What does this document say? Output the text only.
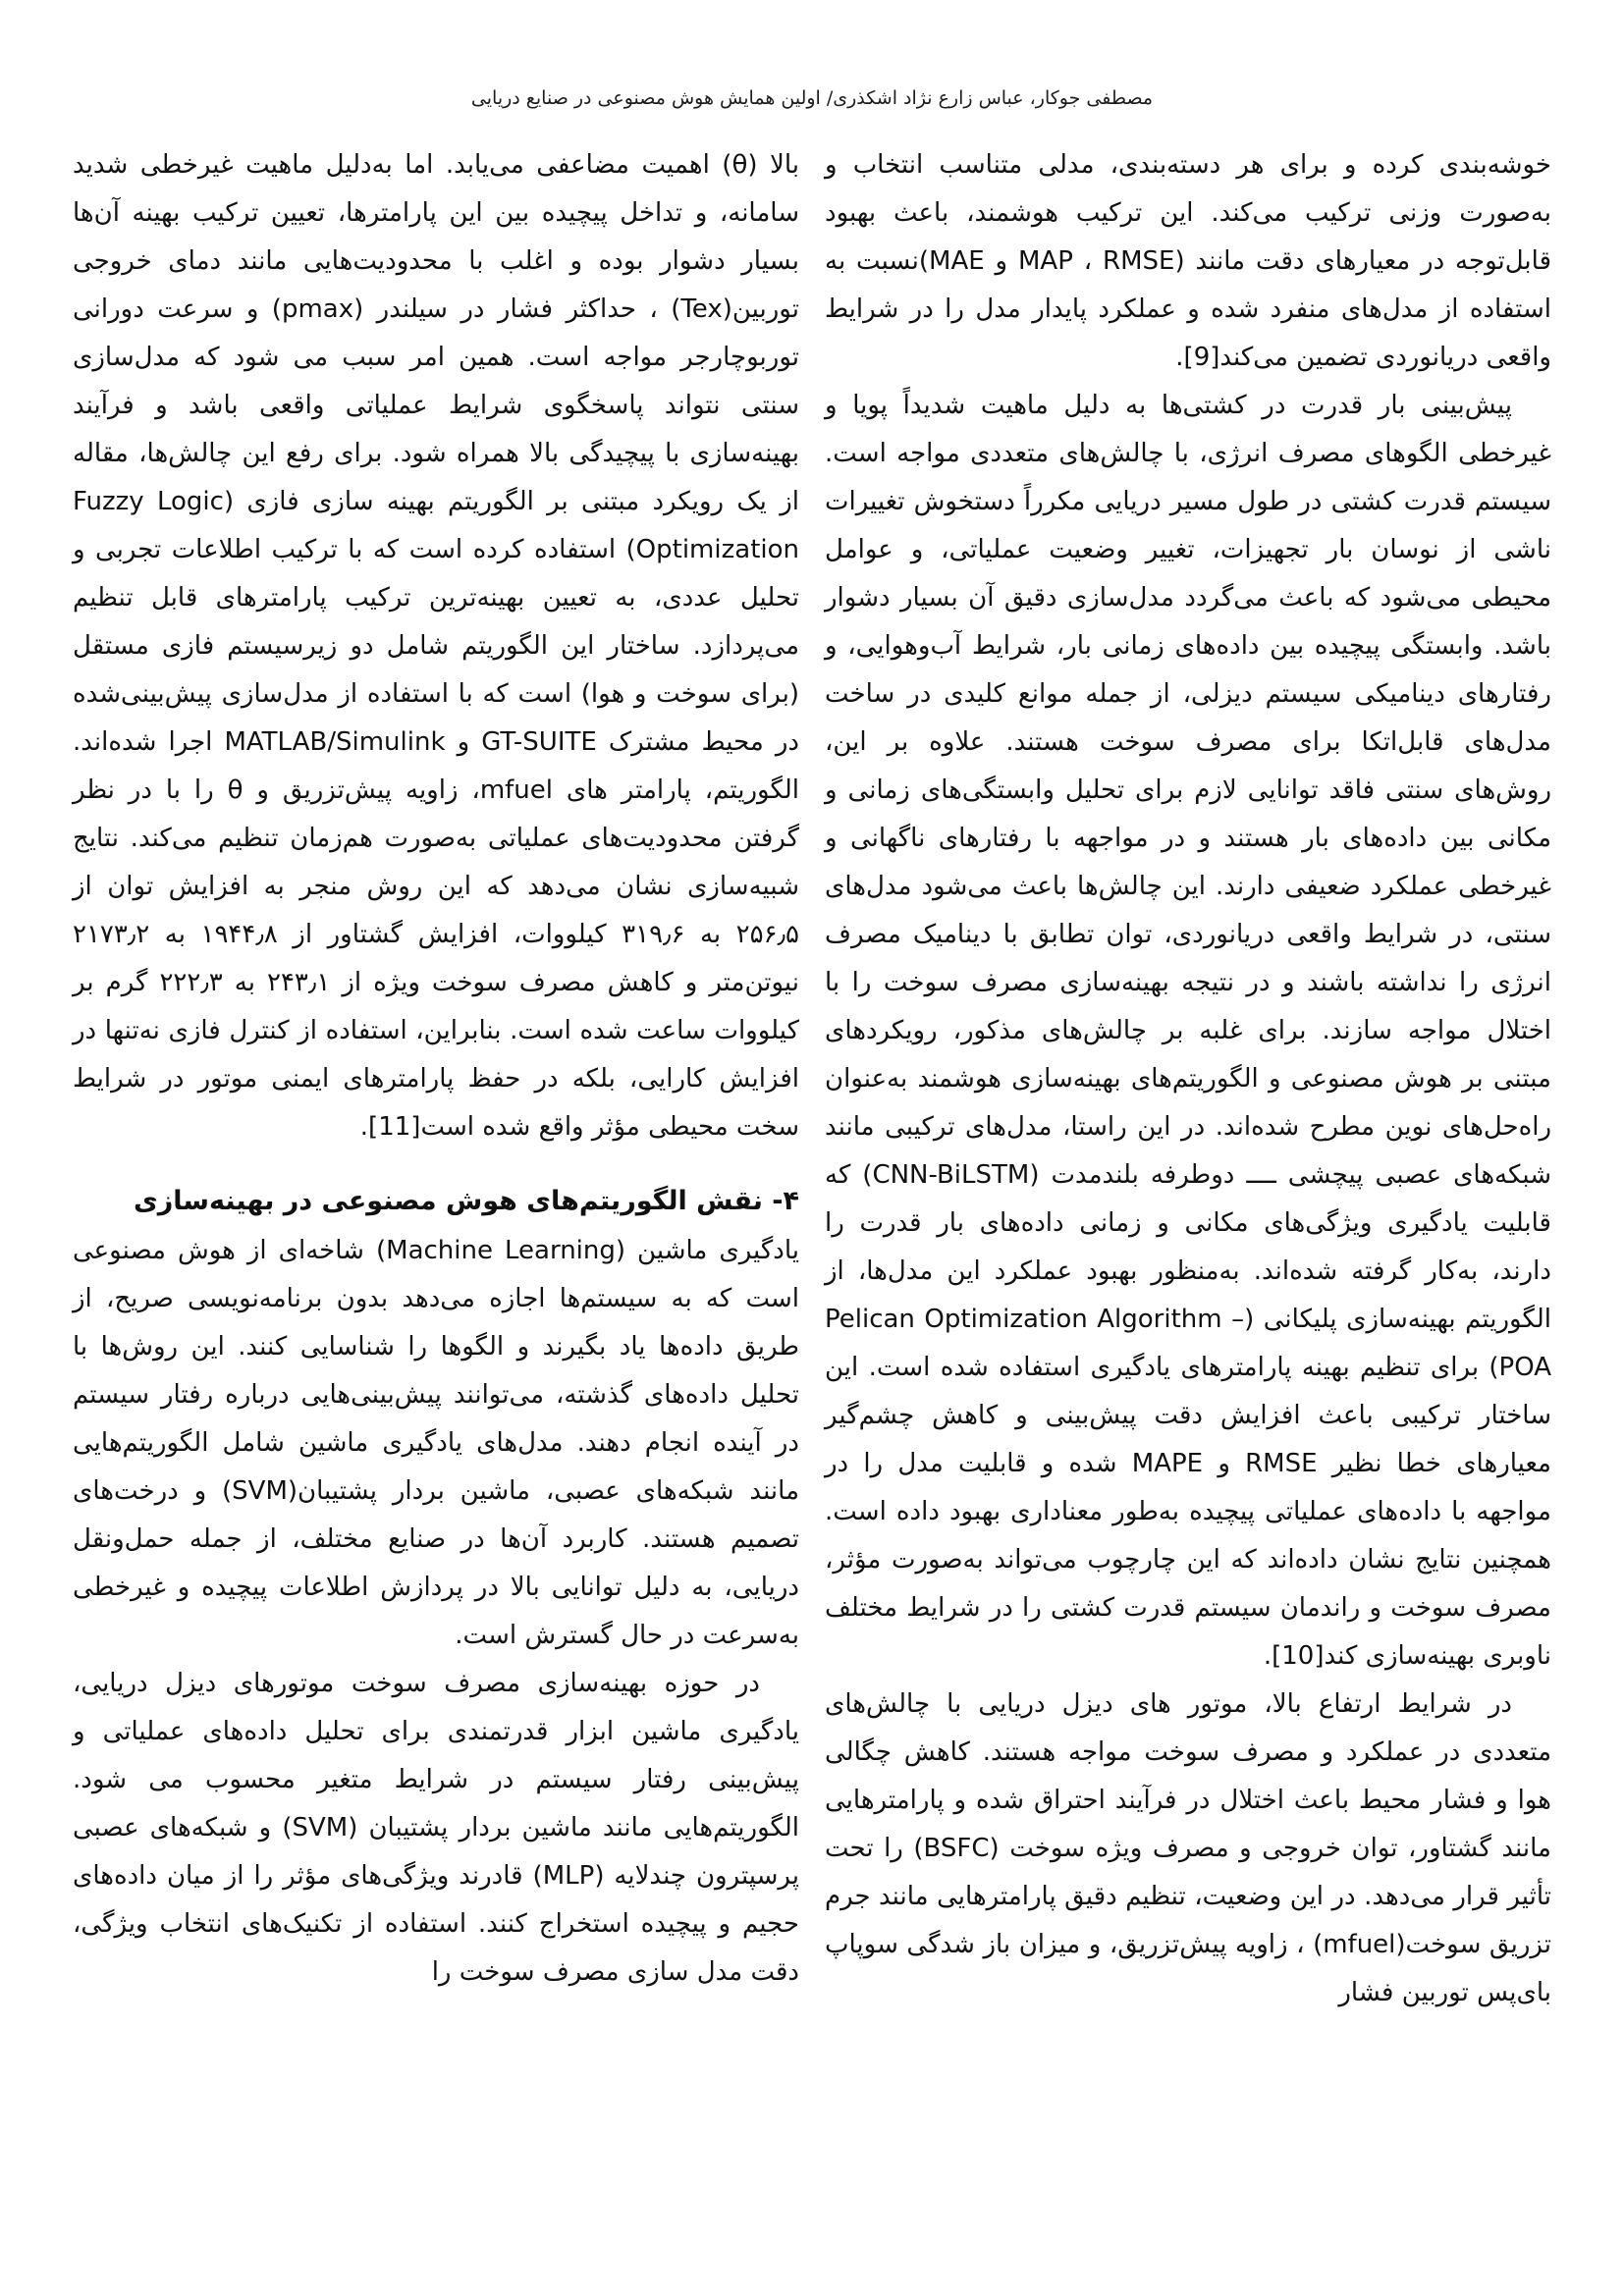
مصطفی جوکار، عباس زارع نژاد اشکذری/ اولین همایش هوش مصنوعی در صنایع دریایی

خوشه‌بندی کرده و برای هر دسته‌بندی، مدلی متناسب انتخاب و به‌صورت وزنی ترکیب می‌کند. این ترکیب هوشمند، باعث بهبود قابل‌توجه در معیارهای دقت مانند (MAP ، RMSE و MAE)نسبت به استفاده از مدل‌های منفرد شده و عملکرد پایدار مدل را در شرایط واقعی دریانوردی تضمین می‌کند[9].

پیش‌بینی بار قدرت در کشتی‌ها به دلیل ماهیت شدیداً پویا و غیرخطی الگوهای مصرف انرژی، با چالش‌های متعددی مواجه است. سیستم قدرت کشتی در طول مسیر دریایی مکرراً دستخوش تغییرات ناشی از نوسان بار تجهیزات، تغییر وضعیت عملیاتی، و عوامل محیطی می‌شود که باعث می‌گردد مدل‌سازی دقیق آن بسیار دشوار باشد. وابستگی پیچیده بین داده‌های زمانی بار، شرایط آب‌وهوایی، و رفتارهای دینامیکی سیستم دیزلی، از جمله موانع کلیدی در ساخت مدل‌های قابل‌اتکا برای مصرف سوخت هستند. علاوه بر این، روش‌های سنتی فاقد توانایی لازم برای تحلیل وابستگی‌های زمانی و مکانی بین داده‌های بار هستند و در مواجهه با رفتارهای ناگهانی و غیرخطی عملکرد ضعیفی دارند. این چالش‌ها باعث می‌شود مدل‌های سنتی، در شرایط واقعی دریانوردی، توان تطابق با دینامیک مصرف انرژی را نداشته باشند و در نتیجه بهینه‌سازی مصرف سوخت را با اختلال مواجه سازند. برای غلبه بر چالش‌های مذکور، رویکردهای مبتنی بر هوش مصنوعی و الگوریتم‌های بهینه‌سازی هوشمند به‌عنوان راه‌حل‌های نوین مطرح شده‌اند. در این راستا، مدل‌های ترکیبی مانند شبکه‌های عصبی پیچشی ــــ دوطرفه بلندمدت (CNN-BiLSTM) که قابلیت یادگیری ویژگی‌های مکانی و زمانی داده‌های بار قدرت را دارند، به‌کار گرفته شده‌اند. به‌منظور بهبود عملکرد این مدل‌ها، از الگوریتم بهینه‌سازی پلیکانی (Pelican Optimization Algorithm – POA) برای تنظیم بهینه پارامترهای یادگیری استفاده شده است. این ساختار ترکیبی باعث افزایش دقت پیش‌بینی و کاهش چشم‌گیر معیارهای خطا نظیر RMSE و MAPE شده و قابلیت مدل را در مواجهه با داده‌های عملیاتی پیچیده به‌طور معناداری بهبود داده است. همچنین نتایج نشان داده‌اند که این چارچوب می‌تواند به‌صورت مؤثر، مصرف سوخت و راندمان سیستم قدرت کشتی را در شرایط مختلف ناوبری بهینه‌سازی کند[10].

در شرایط ارتفاع بالا، موتور های دیزل دریایی با چالش‌های متعددی در عملکرد و مصرف سوخت مواجه هستند. کاهش چگالی هوا و فشار محیط باعث اختلال در فرآیند احتراق شده و پارامترهایی مانند گشتاور، توان خروجی و مصرف ویژه سوخت (BSFC) را تحت تأثیر قرار می‌دهد. در این وضعیت، تنظیم دقیق پارامترهایی مانند جرم تزریق سوخت(mfuel) ، زاویه پیش‌تزریق، و میزان باز شدگی سوپاپ بای‌پس توربین فشار

بالا (θ) اهمیت مضاعفی می‌یابد. اما به‌دلیل ماهیت غیرخطی شدید سامانه، و تداخل پیچیده بین این پارامترها، تعیین ترکیب بهینه آن‌ها بسیار دشوار بوده و اغلب با محدودیت‌هایی مانند دمای خروجی توربین(Tex) ، حداکثر فشار در سیلندر (pmax) و سرعت دورانی توربوچارجر مواجه است. همین امر سبب می شود که مدل‌سازی سنتی نتواند پاسخگوی شرایط عملیاتی واقعی باشد و فرآیند بهینه‌سازی با پیچیدگی بالا همراه شود. برای رفع این چالش‌ها، مقاله از یک رویکرد مبتنی بر الگوریتم بهینه سازی فازی (Fuzzy Logic Optimization) استفاده کرده است که با ترکیب اطلاعات تجربی و تحلیل عددی، به تعیین بهینه‌ترین ترکیب پارامترهای قابل تنظیم می‌پردازد. ساختار این الگوریتم شامل دو زیرسیستم فازی مستقل (برای سوخت و هوا) است که با استفاده از مدل‌سازی پیش‌بینی‌شده در محیط مشترک GT-SUITE و MATLAB/Simulink اجرا شده‌اند. الگوریتم، پارامتر های mfuel، زاویه پیش‌تزریق و θ را با در نظر گرفتن محدودیت‌های عملیاتی به‌صورت هم‌زمان تنظیم می‌کند. نتایج شبیه‌سازی نشان می‌دهد که این روش منجر به افزایش توان از ۲۵۶٫۵ به ۳۱۹٫۶ کیلووات، افزایش گشتاور از ۱۹۴۴٫۸ به ۲۱۷۳٫۲ نیوتن‌متر و کاهش مصرف سوخت ویژه از ۲۴۳٫۱ به ۲۲۲٫۳ گرم بر کیلووات ساعت شده است. بنابراین، استفاده از کنترل فازی نه‌تنها در افزایش کارایی، بلکه در حفظ پارامترهای ایمنی موتور در شرایط سخت محیطی مؤثر واقع شده است[11].

۴- نقش الگوریتم‌های هوش مصنوعی در بهینه‌سازی

یادگیری ماشین (Machine Learning) شاخه‌ای از هوش مصنوعی است که به سیستم‌ها اجازه می‌دهد بدون برنامه‌نویسی صریح، از طریق داده‌ها یاد بگیرند و الگوها را شناسایی کنند. این روش‌ها با تحلیل داده‌های گذشته، می‌توانند پیش‌بینی‌هایی درباره رفتار سیستم در آینده انجام دهند. مدل‌های یادگیری ماشین شامل الگوریتم‌هایی مانند شبکه‌های عصبی، ماشین بردار پشتیبان(SVM) و درخت‌های تصمیم هستند. کاربرد آن‌ها در صنایع مختلف، از جمله حمل‌ونقل دریایی، به دلیل توانایی بالا در پردازش اطلاعات پیچیده و غیرخطی به‌سرعت در حال گسترش است.

در حوزه بهینه‌سازی مصرف سوخت موتورهای دیزل دریایی، یادگیری ماشین ابزار قدرتمندی برای تحلیل داده‌های عملیاتی و پیش‌بینی رفتار سیستم در شرایط متغیر محسوب می شود. الگوریتم‌هایی مانند ماشین بردار پشتیبان (SVM) و شبکه‌های عصبی پرسپترون چندلایه (MLP) قادرند ویژگی‌های مؤثر را از میان داده‌های حجیم و پیچیده استخراج کنند. استفاده از تکنیک‌های انتخاب ویژگی، دقت مدل سازی مصرف سوخت را
